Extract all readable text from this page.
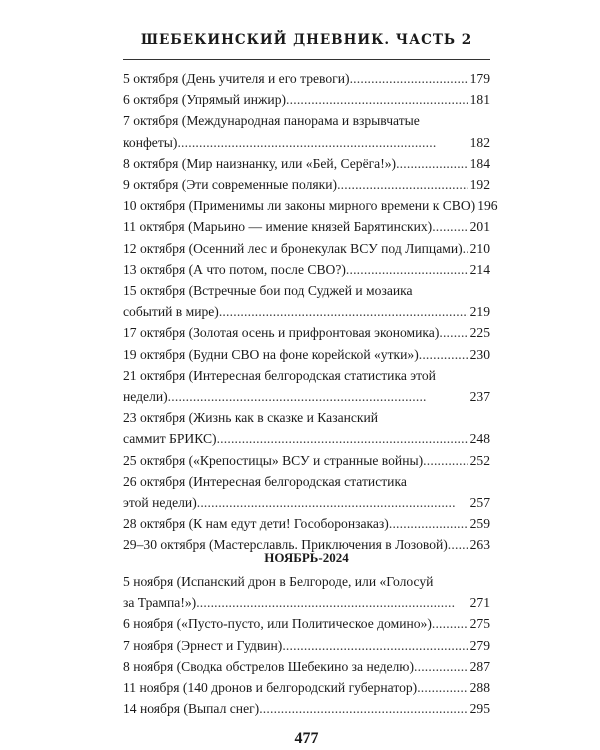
ШЕБЕКИНСКИЙ ДНЕВНИК. ЧАСТЬ 2
5 октября (День учителя и его тревоги) . . .	179
6 октября (Упрямый инжир) . . .	181
7 октября (Международная панорама и взрывчатые
конфеты) . . .	182
8 октября (Мир наизнанку, или «Бей, Серёга!») . . .	184
9 октября (Эти современные поляки) . . .	192
10 октября (Применимы ли законы мирного времени к СВО) 196
11 октября (Марьино — имение князей Барятинских) . . .	201
12 октября (Осенний лес и бронекулак ВСУ под Липцами) . . . 210
13 октября (А что потом, после СВО?) . . .	214
15 октября (Встречные бои под Суджей и мозаика
событий в мире) . . .	219
17 октября (Золотая осень и прифронтовая экономика) . . . 225
19 октября (Будни СВО на фоне корейской «утки») . . .	230
21 октября (Интересная белгородская статистика этой
недели) . . .	237
23 октября (Жизнь как в сказке и Казанский
саммит БРИКС) . . .	248
25 октября («Крепостицы» ВСУ и странные войны) . . .	252
26 октября (Интересная белгородская статистика
этой недели) . . .	257
28 октября (К нам едут дети! Гособоронзаказ) . . .	259
29–30 октября (Мастерславль. Приключения в Лозовой) . . . 263
НОЯБРЬ-2024
5 ноября (Испанский дрон в Белгороде, или «Голосуй
за Трампа!») . . .	271
6 ноября («Пусто-пусто, или Политическое домино») . . .	275
7 ноября (Эрнест и Гудвин) . . .	279
8 ноября (Сводка обстрелов Шебекино за неделю) . . .	287
11 ноября (140 дронов и белгородский губернатор) . . .	288
14 ноября (Выпал снег) . . .	295
477
